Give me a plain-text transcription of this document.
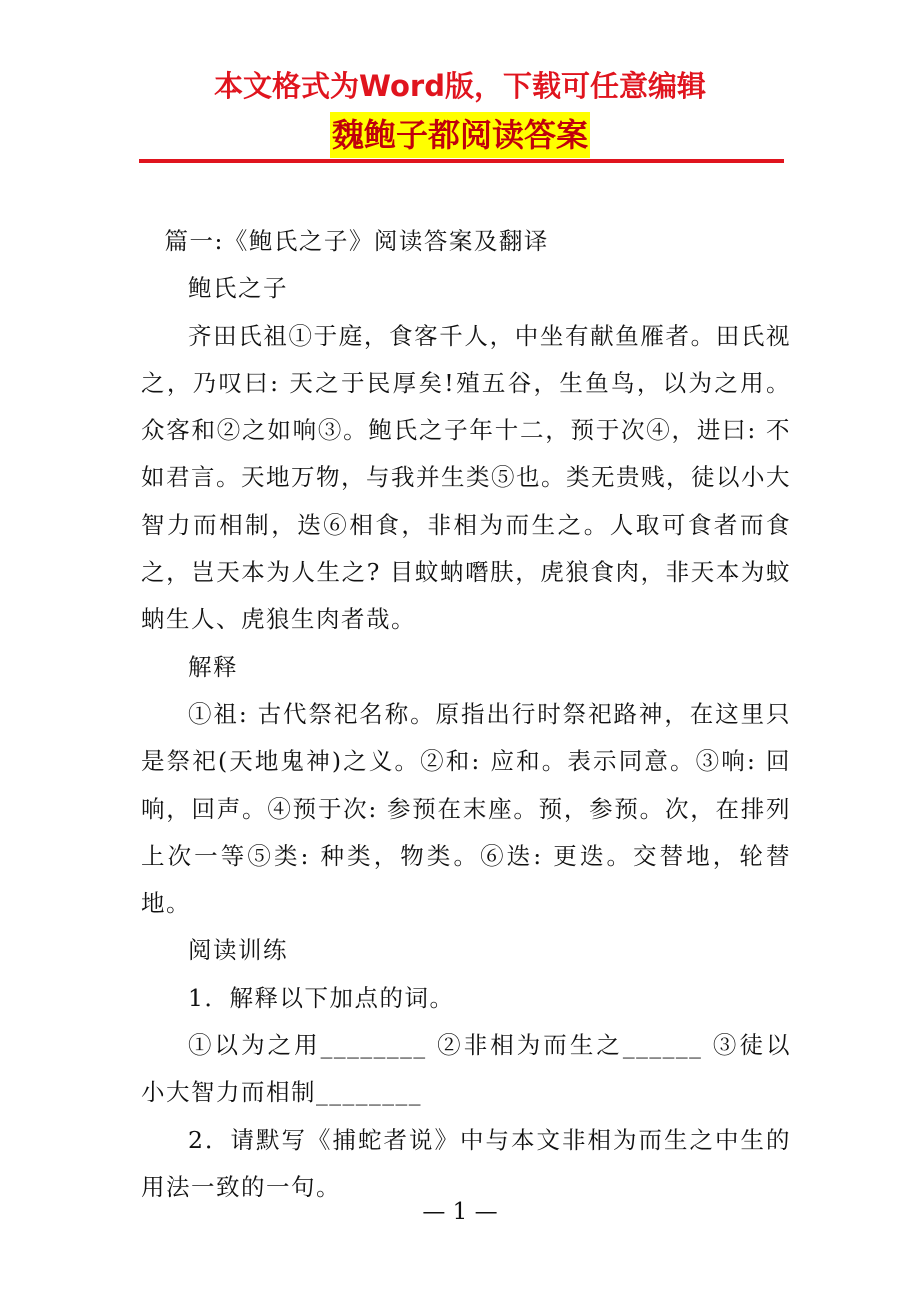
本文格式为Word版，下载可任意编辑
魏鲍子都阅读答案

篇一:《鲍氏之子》阅读答案及翻译

鲍氏之子

齐田氏祖①于庭，食客千人，中坐有献鱼雁者。田氏视之，乃叹曰: 天之于民厚矣!殖五谷，生鱼鸟，以为之用。众客和②之如响③。鲍氏之子年十二，预于次④，进曰: 不如君言。天地万物，与我并生类⑤也。类无贵贱，徒以小大智力而相制，迭⑥相食，非相为而生之。人取可食者而食之，岂天本为人生之? 目蚊蚋噆肤，虎狼食肉，非天本为蚊蚋生人、虎狼生肉者哉。

解释

①祖: 古代祭祀名称。原指出行时祭祀路神，在这里只是祭祀(天地鬼神)之义。②和: 应和。表示同意。③响: 回响，回声。④预于次: 参预在末座。预，参预。次，在排列上次一等⑤类: 种类，物类。⑥迭: 更迭。交替地，轮替地。

阅读训练

1．解释以下加点的词。

①以为之用________ ②非相为而生之______ ③徒以小大智力而相制________

2．请默写《捕蛇者说》中与本文非相为而生之中生的用法一致的一句。

— 1 —
